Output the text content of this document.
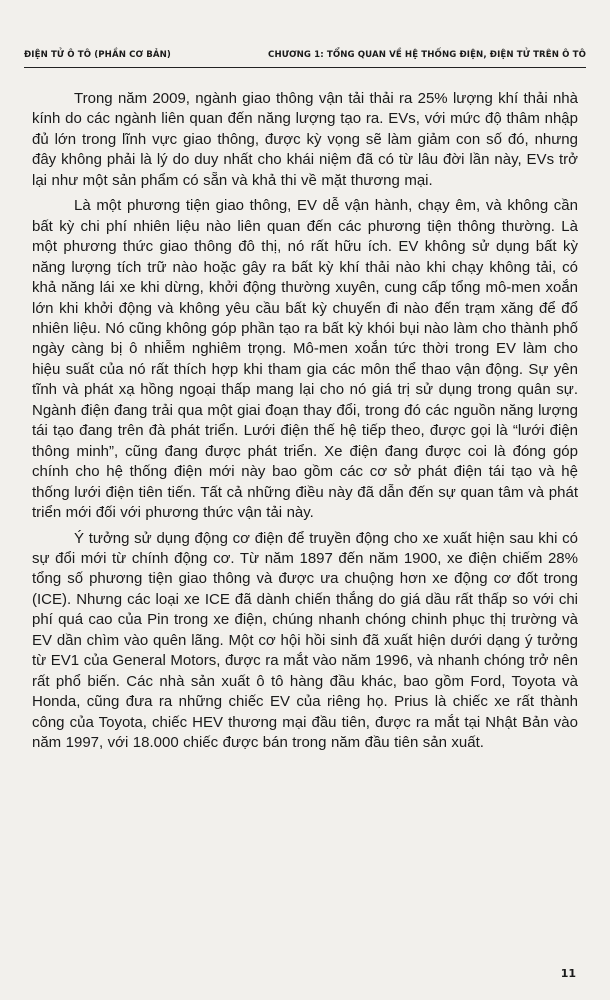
ĐIỆN TỬ Ô TÔ (PHẦN CƠ BẢN)	CHƯƠNG 1: TỔNG QUAN VỀ HỆ THỐNG ĐIỆN, ĐIỆN TỬ TRÊN Ô TÔ

Trong năm 2009, ngành giao thông vận tải thải ra 25% lượng khí thải nhà kính do các ngành liên quan đến năng lượng tạo ra. EVs, với mức độ thâm nhập đủ lớn trong lĩnh vực giao thông, được kỳ vọng sẽ làm giảm con số đó, nhưng đây không phải là lý do duy nhất cho khái niệm đã có từ lâu đời lần này, EVs trở lại như một sản phẩm có sẵn và khả thi về mặt thương mại.

Là một phương tiện giao thông, EV dễ vận hành, chạy êm, và không cần bất kỳ chi phí nhiên liệu nào liên quan đến các phương tiện thông thường. Là một phương thức giao thông đô thị, nó rất hữu ích. EV không sử dụng bất kỳ năng lượng tích trữ nào hoặc gây ra bất kỳ khí thải nào khi chạy không tải, có khả năng lái xe khi dừng, khởi động thường xuyên, cung cấp tổng mô-men xoắn lớn khi khởi động và không yêu cầu bất kỳ chuyến đi nào đến trạm xăng để đổ nhiên liệu. Nó cũng không góp phần tạo ra bất kỳ khói bụi nào làm cho thành phố ngày càng bị ô nhiễm nghiêm trọng. Mô-men xoắn tức thời trong EV làm cho hiệu suất của nó rất thích hợp khi tham gia các môn thể thao vận động. Sự yên tĩnh và phát xạ hồng ngoại thấp mang lại cho nó giá trị sử dụng trong quân sự. Ngành điện đang trải qua một giai đoạn thay đổi, trong đó các nguồn năng lượng tái tạo đang trên đà phát triển. Lưới điện thế hệ tiếp theo, được gọi là “lưới điện thông minh”, cũng đang được phát triển. Xe điện đang được coi là đóng góp chính cho hệ thống điện mới này bao gồm các cơ sở phát điện tái tạo và hệ thống lưới điện tiên tiến. Tất cả những điều này đã dẫn đến sự quan tâm và phát triển mới đối với phương thức vận tải này.

Ý tưởng sử dụng động cơ điện để truyền động cho xe xuất hiện sau khi có sự đổi mới từ chính động cơ. Từ năm 1897 đến năm 1900, xe điện chiếm 28% tổng số phương tiện giao thông và được ưa chuộng hơn xe động cơ đốt trong (ICE). Nhưng các loại xe ICE đã dành chiến thắng do giá dầu rất thấp so với chi phí quá cao của Pin trong xe điện, chúng nhanh chóng chinh phục thị trường và EV dần chìm vào quên lãng. Một cơ hội hồi sinh đã xuất hiện dưới dạng ý tưởng từ EV1 của General Motors, được ra mắt vào năm 1996, và nhanh chóng trở nên rất phổ biến. Các nhà sản xuất ô tô hàng đầu khác, bao gồm Ford, Toyota và Honda, cũng đưa ra những chiếc EV của riêng họ. Prius là chiếc xe rất thành công của Toyota, chiếc HEV thương mại đầu tiên, được ra mắt tại Nhật Bản vào năm 1997, với 18.000 chiếc được bán trong năm đầu tiên sản xuất.

11
